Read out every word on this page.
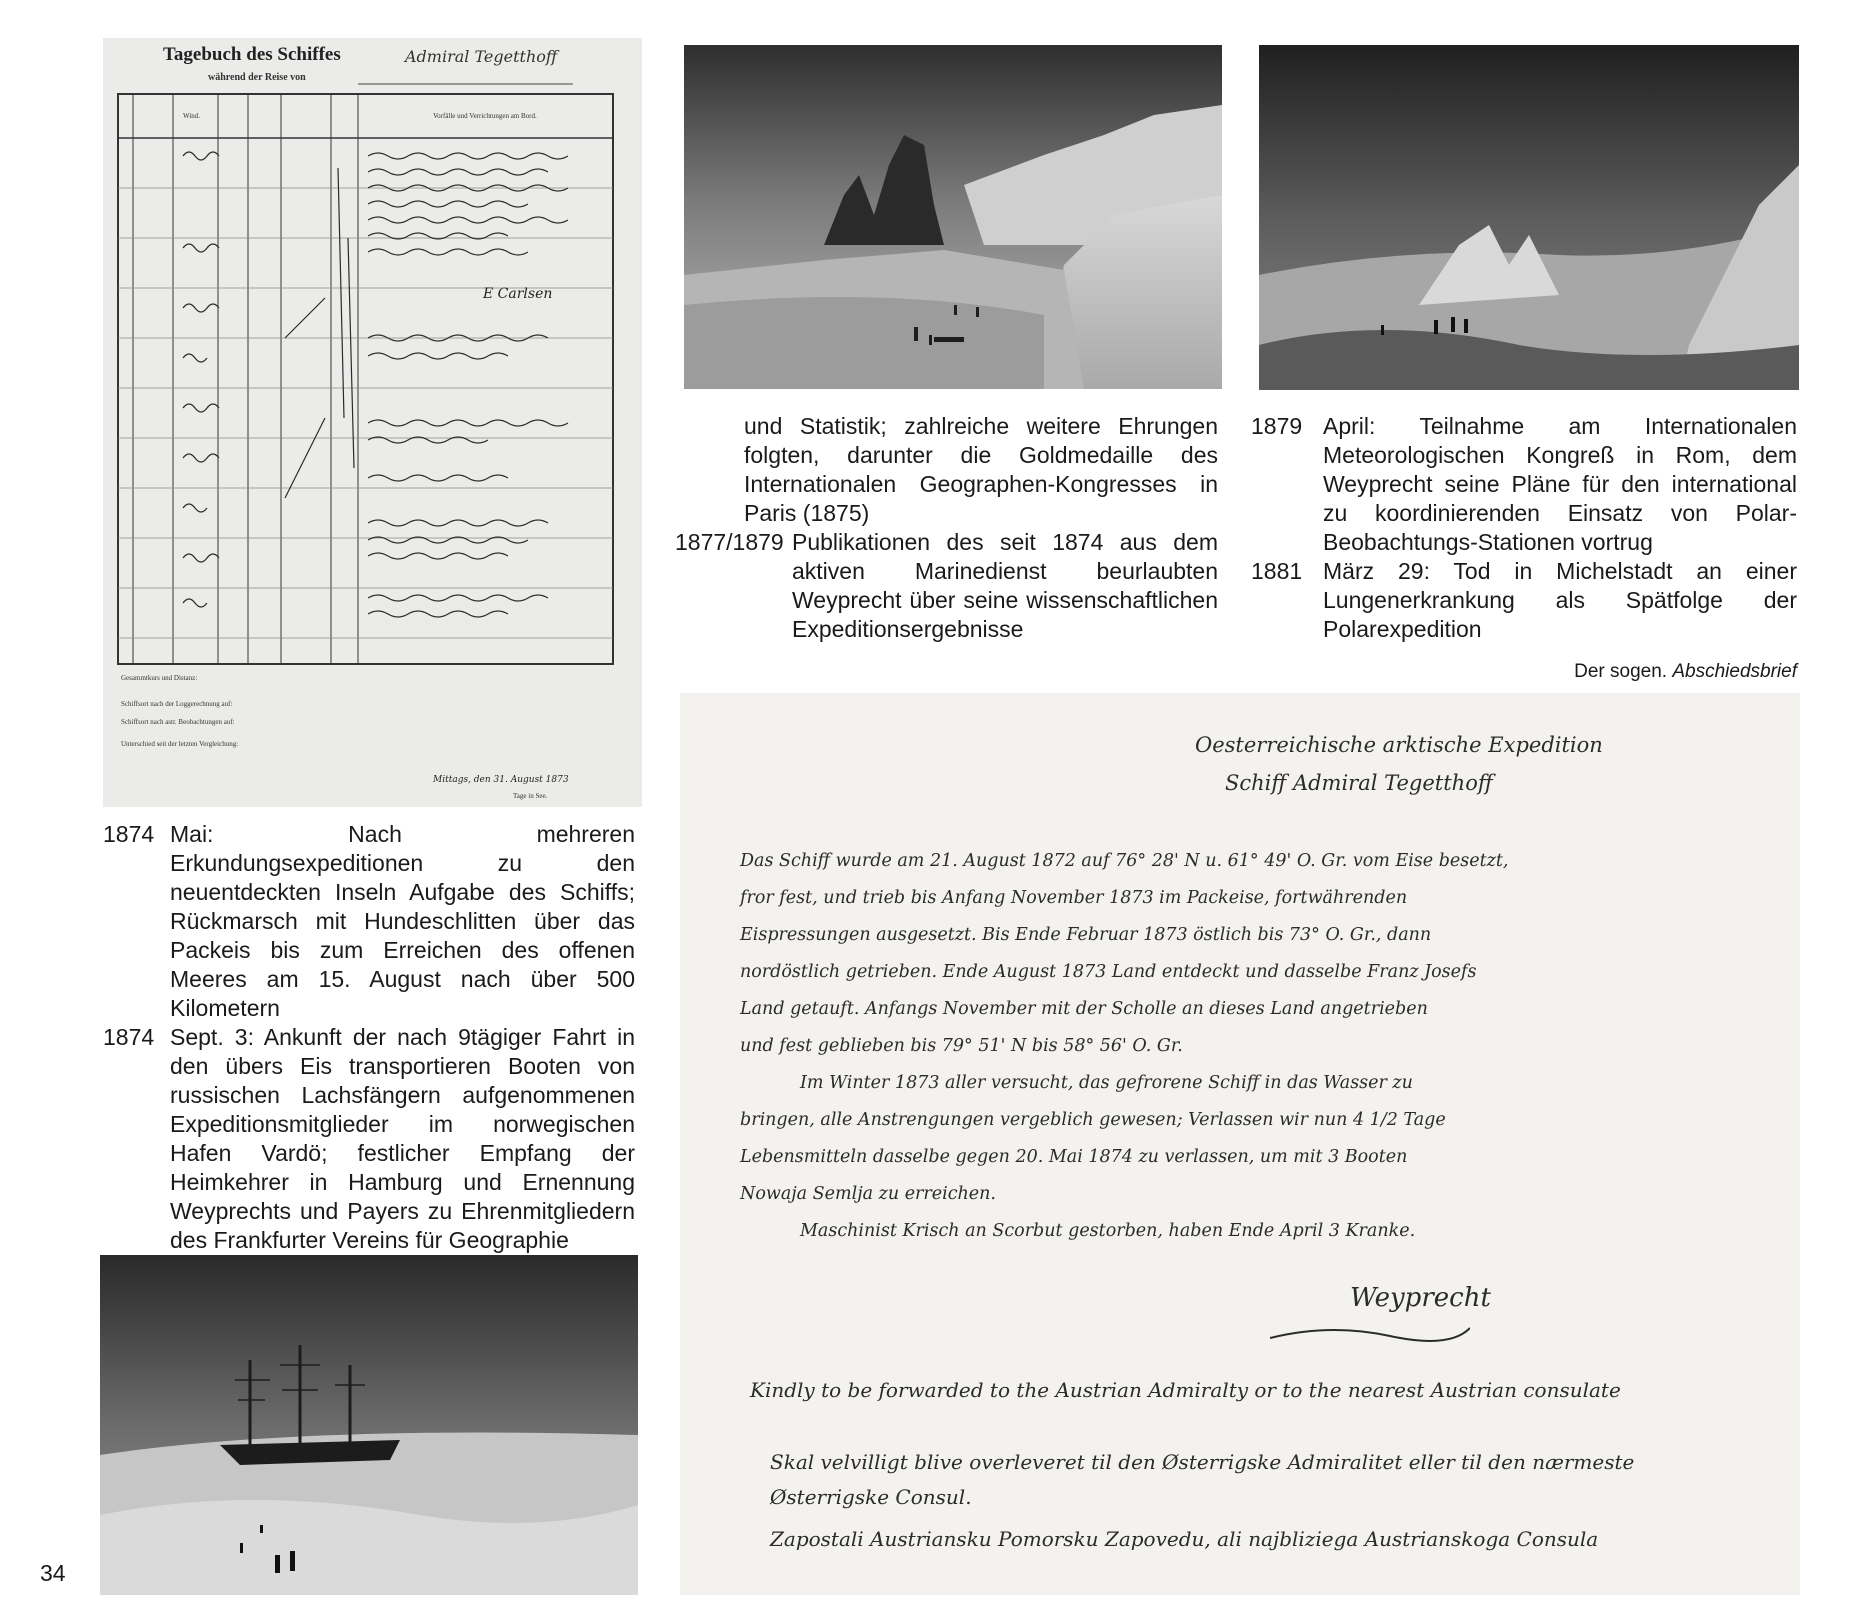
Tagebuch des Schiffes	Admiral Tegetthoff
während der Reise von
Wind.	Vorfälle und Verrichtungen am Bord.
E Carlsen
Gesammtkurs und Distanz:
Schiffsort nach der Loggerechnung auf:
Schiffsort nach astr. Beobachtungen auf:
Unterschied seit der letzten Vergleichung:
Mittags, den 31. August 1873
Tage in See.
und Statistik; zahlreiche weitere Ehrungen folgten, darunter die Goldmedaille des Internationalen Geographen-Kongresses in Paris (1875)
1877/1879 Publikationen des seit 1874 aus dem aktiven Marinedienst beurlaubten Weyprecht über seine wissenschaftlichen Expeditionsergebnisse
1879 April: Teilnahme am Internationalen Meteorologischen Kongreß in Rom, dem Weyprecht seine Pläne für den international zu koordinierenden Einsatz von Polar-Beobachtungs-Stationen vortrug
1881 März 29: Tod in Michelstadt an einer Lungenerkrankung als Spätfolge der Polarexpedition
Der sogen. Abschiedsbrief
1874 Mai: Nach mehreren Erkundungsexpeditionen zu den neuentdeckten Inseln Aufgabe des Schiffs; Rückmarsch mit Hundeschlitten über das Packeis bis zum Erreichen des offenen Meeres am 15. August nach über 500 Kilometern
1874 Sept. 3: Ankunft der nach 9tägiger Fahrt in den übers Eis transportieren Booten von russischen Lachsfängern aufgenommenen Expeditionsmitglieder im norwegischen Hafen Vardö; festlicher Empfang der Heimkehrer in Hamburg und Ernennung Weyprechts und Payers zu Ehrenmitgliedern des Frankfurter Vereins für Geographie
34
Oesterreichische arktische Expedition
Schiff Admiral Tegetthoff
Das Schiff wurde am 21. August 1872 auf 76° 28' N u. 61° 49' O. Gr. vom Eise besetzt,
fror fest, und trieb bis Anfang November 1873 im Packeise, fortwährenden
Eispressungen ausgesetzt. Bis Ende Februar 1873 östlich bis 73° O. Gr., dann
nordöstlich getrieben. Ende August 1873 Land entdeckt und dasselbe Franz Josefs
Land getauft. Anfangs November mit der Scholle an dieses Land angetrieben
und fest geblieben bis 79° 51' N bis 58° 56' O. Gr.
Im Winter 1873 aller versucht, das gefrorene Schiff in das Wasser zu
bringen, alle Anstrengungen vergeblich gewesen; Verlassen wir nun 4 1/2 Tage
Lebensmitteln dasselbe gegen 20. Mai 1874 zu verlassen, um mit 3 Booten
Nowaja Semlja zu erreichen.
Maschinist Krisch an Scorbut gestorben, haben Ende April 3 Kranke.
Weyprecht
Kindly to be forwarded to the Austrian Admiralty or to the nearest Austrian consulate
Skal velvilligt blive overleveret til den Østerrigske Admiralitet eller til den nærmeste Østerrigske Consul.
Zapostali Austriansku Pomorsku Zapovedu, ali najbliziega Austrianskoga Consula
